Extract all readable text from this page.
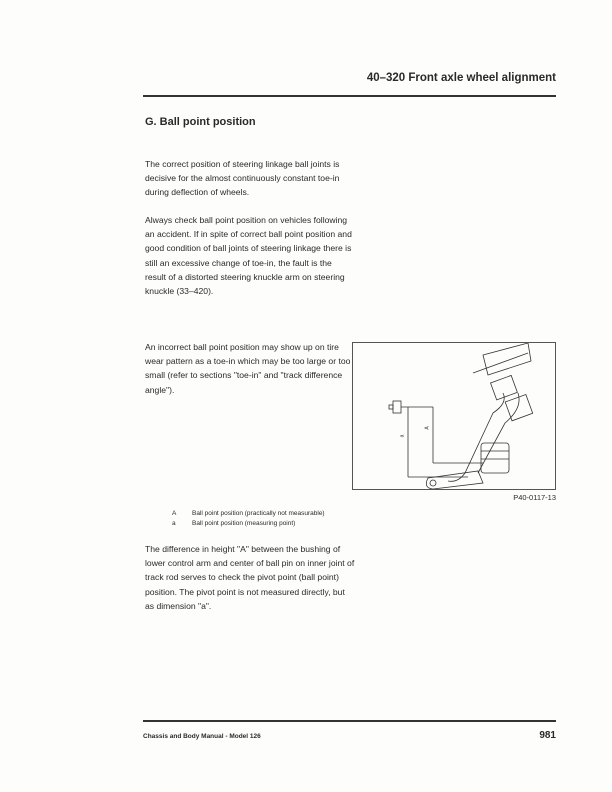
40–320 Front axle wheel alignment
G. Ball point position

The correct position of steering linkage ball joints is decisive for the almost continuously constant toe-in during deflection of wheels.

Always check ball point position on vehicles following an accident. If in spite of correct ball point position and good condition of ball joints of steering linkage there is still an excessive change of toe-in, the fault is the result of a distorted steering knuckle arm on steering knuckle (33–420).

An incorrect ball point position may show up on tire wear pattern as a toe-in which may be too large or too small (refer to sections "toe-in" and "track difference angle").

a
A
P40-0117-13
A Ball point position (practically not measurable)
a	Ball point position (measuring point)

The difference in height "A" between the bushing of lower control arm and center of ball pin on inner joint of track rod serves to check the pivot point (ball point) position. The pivot point is not measured directly, but as dimension "a".

Chassis and Body Manual - Model 126	981
